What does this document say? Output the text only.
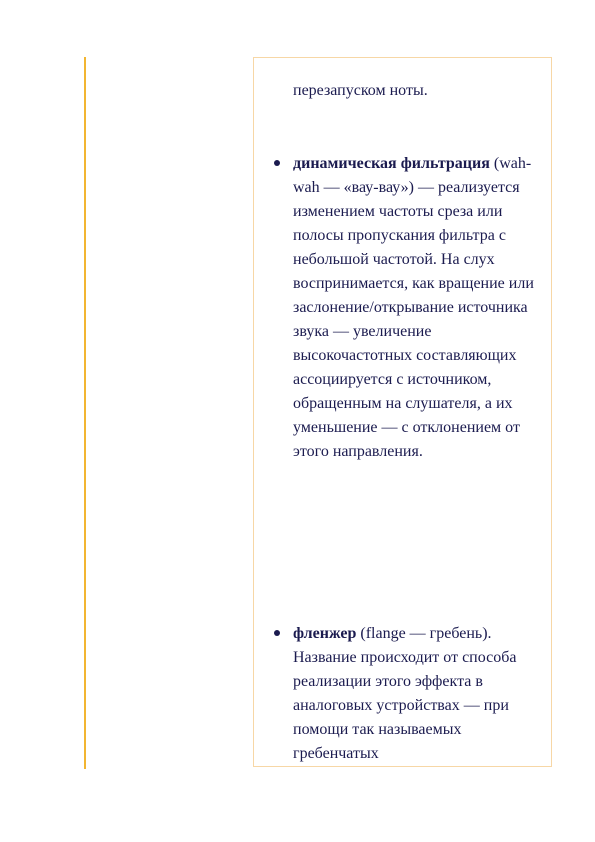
перезапуском ноты.
динамическая фильтрация (wah-wah — «вау-вау») — реализуется изменением частоты среза или полосы пропускания фильтра с небольшой частотой. На слух воспринимается, как вращение или заслонение/открывание источника звука — увеличение высокочастотных составляющих ассоциируется с источником, обращенным на слушателя, а их уменьшение — с отклонением от этого направления.
фленжер (flange — гребень). Название происходит от способа реализации этого эффекта в аналоговых устройствах — при помощи так называемых гребенчатых
